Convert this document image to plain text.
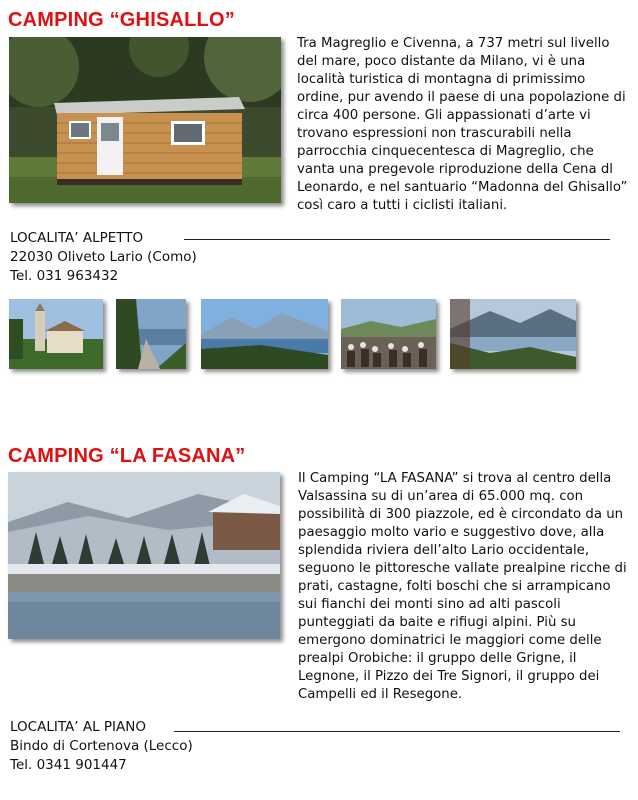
CAMPING “GHISALLO”
Tra Magreglio e Civenna, a 737 metri sul livello del mare, poco distante da Milano, vi è una località turistica di montagna di primissimo ordine, pur avendo il paese di una popolazione di circa 400 persone. Gli appassionati d’arte vi trovano espressioni non trascurabili nella parrocchia cinquecentesca di Magreglio, che vanta una pregevole riproduzione della Cena dl Leonardo, e nel santuario “Madonna del Ghisallo” così caro a tutti i ciclisti italiani.
LOCALITA’ ALPETTO
22030 Oliveto Lario (Como)
Tel. 031 963432
CAMPING “LA FASANA”
Il Camping “LA FASANA” si trova al centro della Valsassina su di un’area di 65.000 mq. con possibilità di 300 piazzole, ed è circondato da un paesaggio molto vario e suggestivo dove, alla splendida riviera dell’alto Lario occidentale, seguono le pittoresche vallate prealpine ricche di prati, castagne, folti boschi che si arrampicano sui fianchi dei monti sino ad alti pascoli punteggiati da baite e rifiugi alpini. Più su emergono dominatrici le maggiori come delle prealpi Orobiche: il gruppo delle Grigne, il Legnone, il Pizzo dei Tre Signori, il gruppo dei Campelli ed il Resegone.
LOCALITA’ AL PIANO
Bindo di Cortenova (Lecco)
Tel. 0341 901447
